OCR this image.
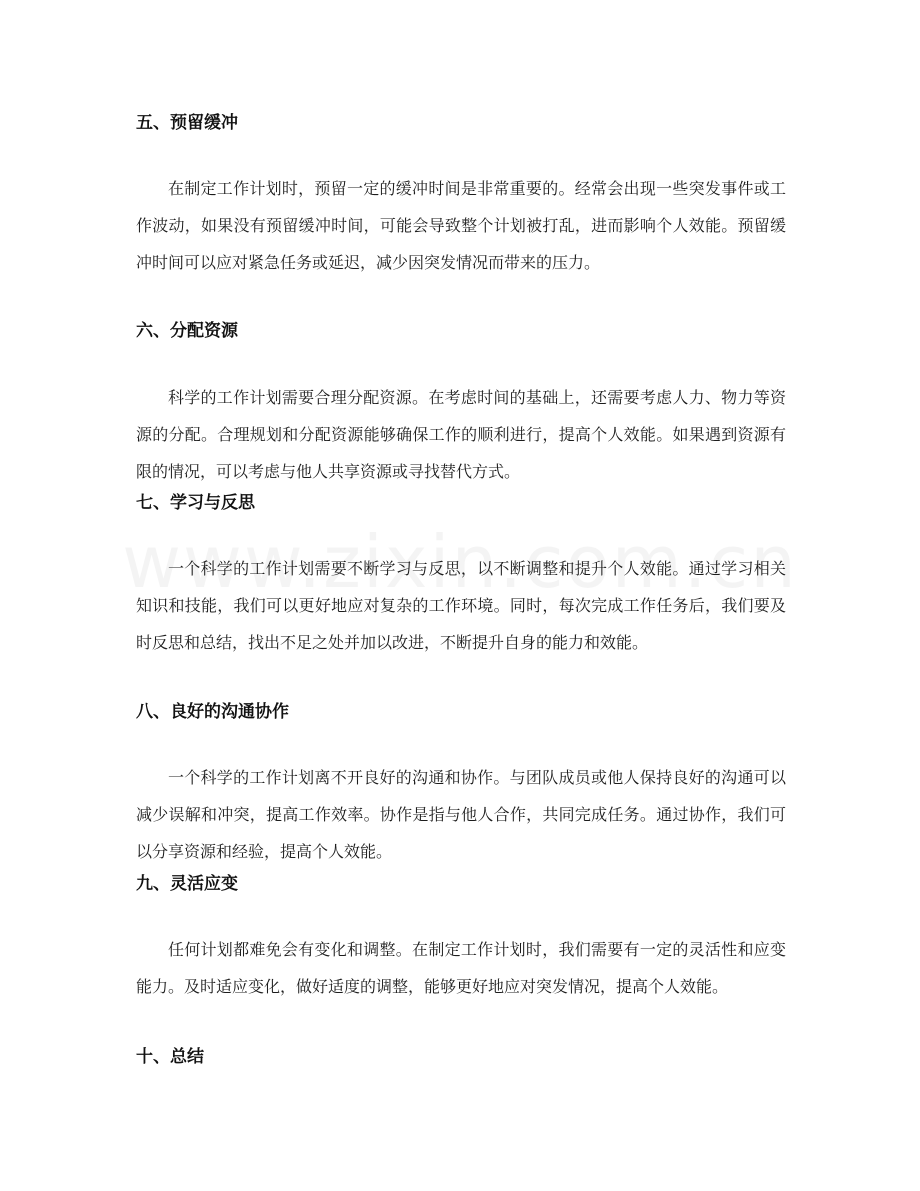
五、预留缓冲

在制定工作计划时，预留一定的缓冲时间是非常重要的。经常会出现一些突发事件或工作波动，如果没有预留缓冲时间，可能会导致整个计划被打乱，进而影响个人效能。预留缓冲时间可以应对紧急任务或延迟，减少因突发情况而带来的压力。

六、分配资源

科学的工作计划需要合理分配资源。在考虑时间的基础上，还需要考虑人力、物力等资源的分配。合理规划和分配资源能够确保工作的顺利进行，提高个人效能。如果遇到资源有限的情况，可以考虑与他人共享资源或寻找替代方式。

七、学习与反思

一个科学的工作计划需要不断学习与反思，以不断调整和提升个人效能。通过学习相关知识和技能，我们可以更好地应对复杂的工作环境。同时，每次完成工作任务后，我们要及时反思和总结，找出不足之处并加以改进，不断提升自身的能力和效能。

八、良好的沟通协作

一个科学的工作计划离不开良好的沟通和协作。与团队成员或他人保持良好的沟通可以减少误解和冲突，提高工作效率。协作是指与他人合作，共同完成任务。通过协作，我们可以分享资源和经验，提高个人效能。

九、灵活应变

任何计划都难免会有变化和调整。在制定工作计划时，我们需要有一定的灵活性和应变能力。及时适应变化，做好适度的调整，能够更好地应对突发情况，提高个人效能。

十、总结
